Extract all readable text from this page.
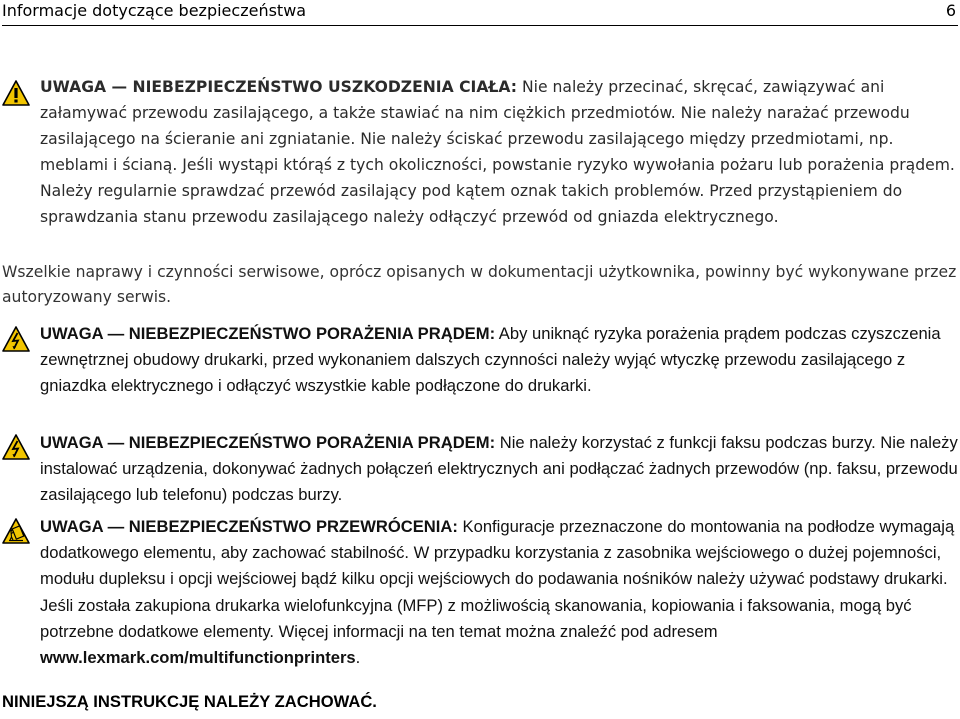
Informacje dotyczące bezpieczeństwa	6

UWAGA — NIEBEZPIECZEŃSTWO USZKODZENIA CIAŁA: Nie należy przecinać, skręcać, zawiązywać ani załamywać przewodu zasilającego, a także stawiać na nim ciężkich przedmiotów. Nie należy narażać przewodu zasilającego na ścieranie ani zgniatanie. Nie należy ściskać przewodu zasilającego między przedmiotami, np. meblami i ścianą. Jeśli wystąpi którąś z tych okoliczności, powstanie ryzyko wywołania pożaru lub porażenia prądem. Należy regularnie sprawdzać przewód zasilający pod kątem oznak takich problemów. Przed przystąpieniem do sprawdzania stanu przewodu zasilającego należy odłączyć przewód od gniazda elektrycznego.

Wszelkie naprawy i czynności serwisowe, oprócz opisanych w dokumentacji użytkownika, powinny być wykonywane przez autoryzowany serwis.

UWAGA — NIEBEZPIECZEŃSTWO PORAŻENIA PRĄDEM: Aby uniknąć ryzyka porażenia prądem podczas czyszczenia zewnętrznej obudowy drukarki, przed wykonaniem dalszych czynności należy wyjąć wtyczkę przewodu zasilającego z gniazdka elektrycznego i odłączyć wszystkie kable podłączone do drukarki.

UWAGA — NIEBEZPIECZEŃSTWO PORAŻENIA PRĄDEM: Nie należy korzystać z funkcji faksu podczas burzy. Nie należy instalować urządzenia, dokonywać żadnych połączeń elektrycznych ani podłączać żadnych przewodów (np. faksu, przewodu zasilającego lub telefonu) podczas burzy.

UWAGA — NIEBEZPIECZEŃSTWO PRZEWRÓCENIA: Konfiguracje przeznaczone do montowania na podłodze wymagają dodatkowego elementu, aby zachować stabilność. W przypadku korzystania z zasobnika wejściowego o dużej pojemności, modułu dupleksu i opcji wejściowej bądź kilku opcji wejściowych do podawania nośników należy używać podstawy drukarki. Jeśli została zakupiona drukarka wielofunkcyjna (MFP) z możliwością skanowania, kopiowania i faksowania, mogą być potrzebne dodatkowe elementy. Więcej informacji na ten temat można znaleźć pod adresem www.lexmark.com/multifunctionprinters.

NINIEJSZĄ INSTRUKCJĘ NALEŻY ZACHOWAĆ.
